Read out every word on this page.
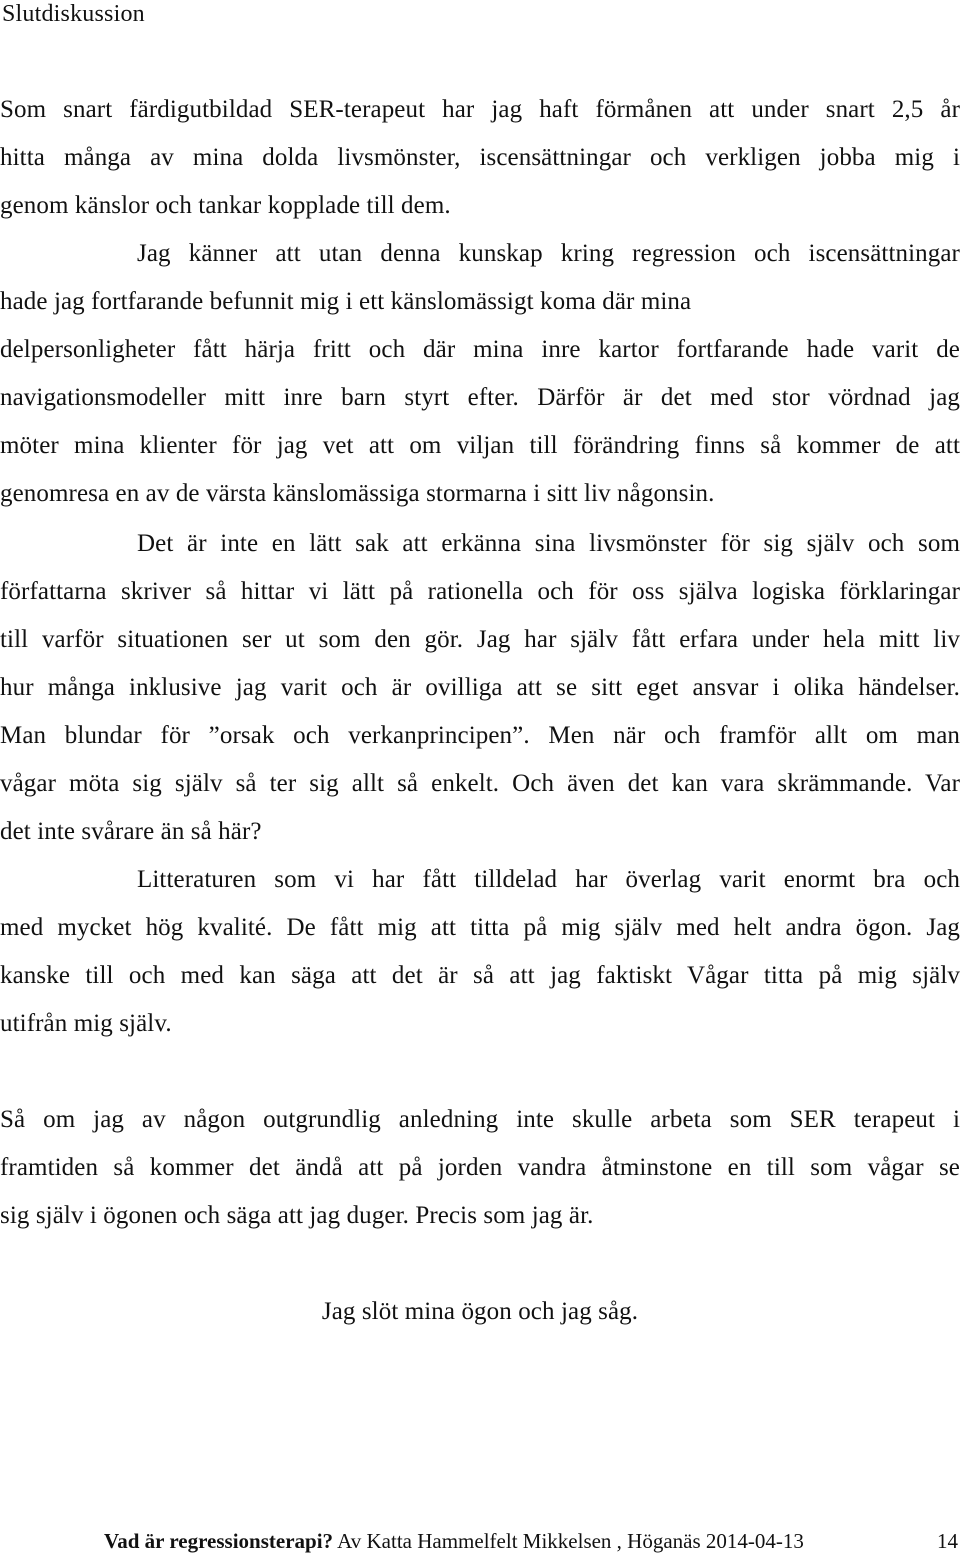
Slutdiskussion
Som snart färdigutbildad SER-terapeut har jag haft förmånen att under snart 2,5 år
hitta många av mina dolda livsmönster, iscensättningar och verkligen jobba mig i
genom känslor och tankar kopplade till dem.
Jag känner att utan denna kunskap kring regression och iscensättningar
hade jag fortfarande befunnit mig i ett känslomässigt koma där mina
delpersonligheter fått härja fritt och där mina inre kartor fortfarande hade varit de
navigationsmodeller mitt inre barn styrt efter. Därför är det med stor vördnad jag
möter mina klienter för jag vet att om viljan till förändring finns så kommer de att
genomresa en av de värsta känslomässiga stormarna i sitt liv någonsin.
Det är inte en lätt sak att erkänna sina livsmönster för sig själv och som
författarna skriver så hittar vi lätt på rationella och för oss själva logiska förklaringar
till varför situationen ser ut som den gör. Jag har själv fått erfara under hela mitt liv
hur många inklusive jag varit och är ovilliga att se sitt eget ansvar i olika händelser.
Man blundar för ”orsak och verkanprincipen”. Men när och framför allt om man
vågar möta sig själv så ter sig allt så enkelt. Och även det kan vara skrämmande. Var
det inte svårare än så här?
Litteraturen som vi har fått tilldelad har överlag varit enormt bra och
med mycket hög kvalité. De fått mig att titta på mig själv med helt andra ögon. Jag
kanske till och med kan säga att det är så att jag faktiskt Vågar titta på mig själv
utifrån mig själv.
Så om jag av någon outgrundlig anledning inte skulle arbeta som SER terapeut i
framtiden så kommer det ändå att på jorden vandra åtminstone en till som vågar se
sig själv i ögonen och säga att jag duger. Precis som jag är.
Jag slöt mina ögon och jag såg.
Vad är regressionsterapi? Av Katta Hammelfelt Mikkelsen , Höganäs 2014-04-13	14
